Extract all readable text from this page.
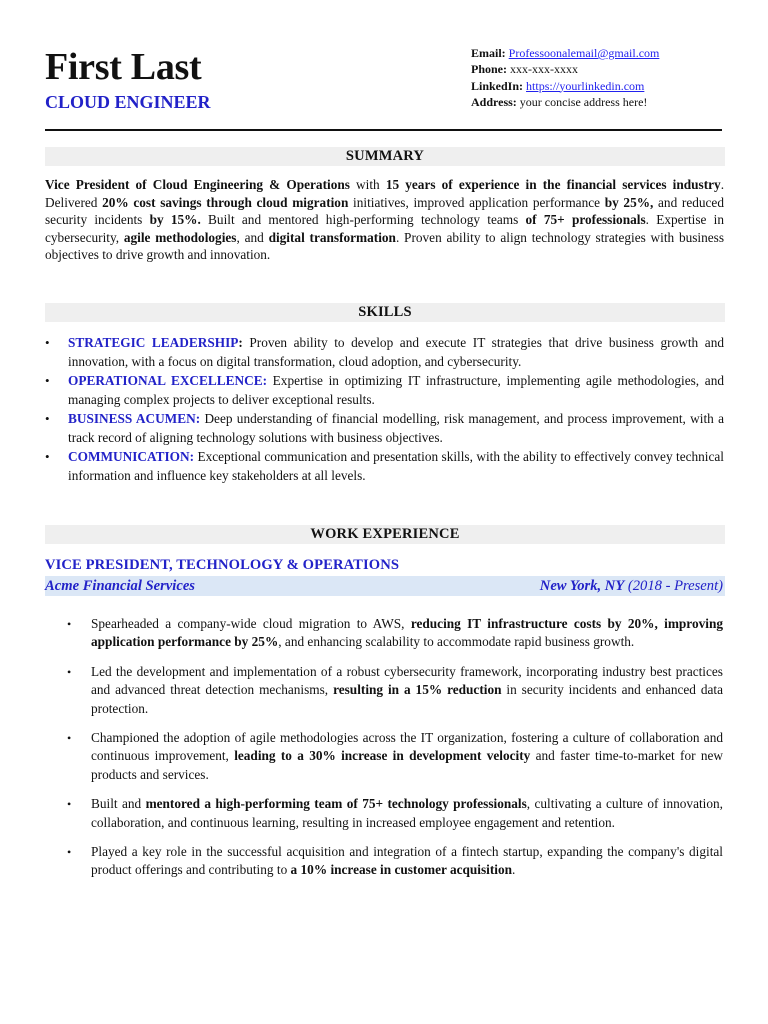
First Last
CLOUD ENGINEER
Email: Professoonalemail@gmail.com
Phone: xxx-xxx-xxxx
LinkedIn: https://yourlinkedin.com
Address: your concise address here!
SUMMARY

Vice President of Cloud Engineering & Operations with 15 years of experience in the financial services industry. Delivered 20% cost savings through cloud migration initiatives, improved application performance by 25%, and reduced security incidents by 15%. Built and mentored high-performing technology teams of 75+ professionals. Expertise in cybersecurity, agile methodologies, and digital transformation. Proven ability to align technology strategies with business objectives to drive growth and innovation.

SKILLS
• STRATEGIC LEADERSHIP: Proven ability to develop and execute IT strategies that drive business growth and innovation, with a focus on digital transformation, cloud adoption, and cybersecurity.
• OPERATIONAL EXCELLENCE: Expertise in optimizing IT infrastructure, implementing agile methodologies, and managing complex projects to deliver exceptional results.
• BUSINESS ACUMEN: Deep understanding of financial modelling, risk management, and process improvement, with a track record of aligning technology solutions with business objectives.
• COMMUNICATION: Exceptional communication and presentation skills, with the ability to effectively convey technical information and influence key stakeholders at all levels.
WORK EXPERIENCE
VICE PRESIDENT, TECHNOLOGY & OPERATIONS
Acme Financial Services	New York, NY (2018 - Present)
• Spearheaded a company-wide cloud migration to AWS, reducing IT infrastructure costs by 20%, improving application performance by 25%, and enhancing scalability to accommodate rapid business growth.
• Led the development and implementation of a robust cybersecurity framework, incorporating industry best practices and advanced threat detection mechanisms, resulting in a 15% reduction in security incidents and enhanced data protection.
• Championed the adoption of agile methodologies across the IT organization, fostering a culture of collaboration and continuous improvement, leading to a 30% increase in development velocity and faster time-to-market for new products and services.
• Built and mentored a high-performing team of 75+ technology professionals, cultivating a culture of innovation, collaboration, and continuous learning, resulting in increased employee engagement and retention.
• Played a key role in the successful acquisition and integration of a fintech startup, expanding the company's digital product offerings and contributing to a 10% increase in customer acquisition.
